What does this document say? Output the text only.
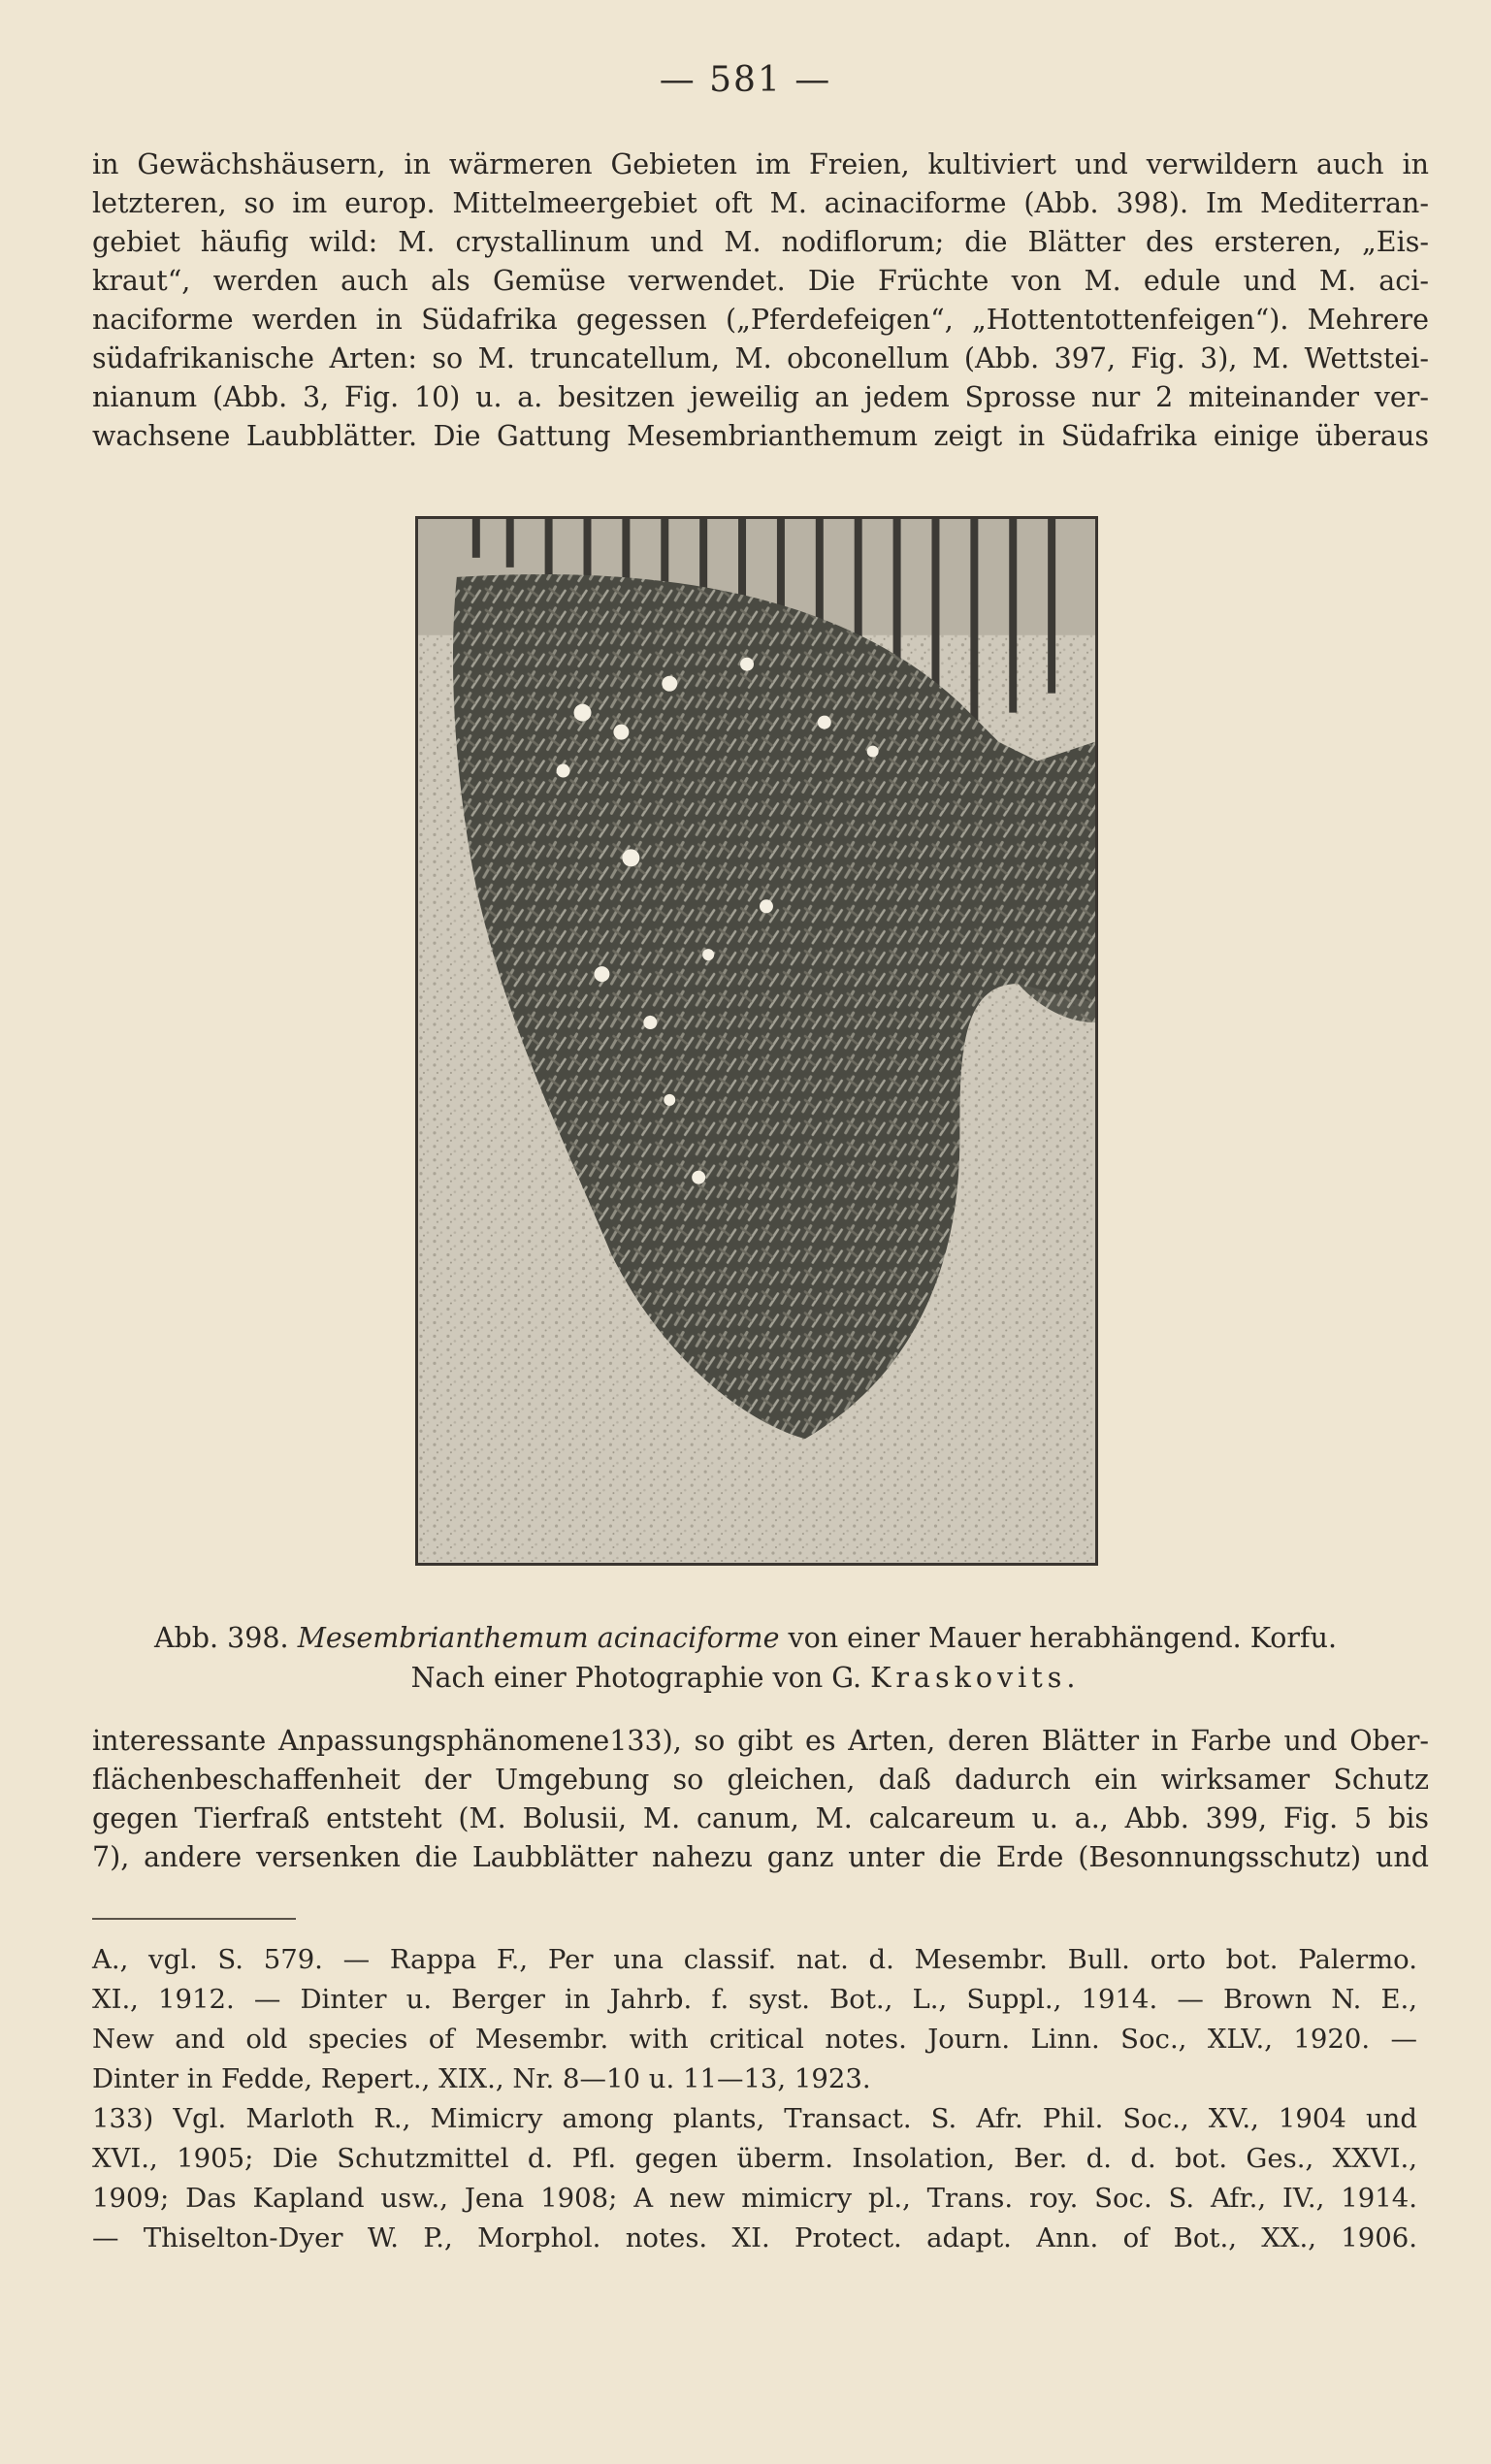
— 581 —
in Gewächshäusern, in wärmeren Gebieten im Freien, kultiviert und verwildern auch in
letzteren, so im europ. Mittelmeergebiet oft M. acinaciforme (Abb. 398). Im Mediterran-
gebiet häufig wild: M. crystallinum und M. nodiflorum; die Blätter des ersteren, „Eis-
kraut“, werden auch als Gemüse verwendet. Die Früchte von M. edule und M. aci-
naciforme werden in Südafrika gegessen („Pferdefeigen“, „Hottentottenfeigen“). Mehrere
südafrikanische Arten: so M. truncatellum, M. obconellum (Abb. 397, Fig. 3), M. Wettstei-
nianum (Abb. 3, Fig. 10) u. a. besitzen jeweilig an jedem Sprosse nur 2 miteinander ver-
wachsene Laubblätter. Die Gattung Mesembrianthemum zeigt in Südafrika einige überaus
Abb. 398. Mesembrianthemum acinaciforme von einer Mauer herabhängend. Korfu.
Nach einer Photographie von G. Kraskovits.
interessante Anpassungsphänomene133), so gibt es Arten, deren Blätter in Farbe und Ober-
flächenbeschaffenheit der Umgebung so gleichen, daß dadurch ein wirksamer Schutz
gegen Tierfraß entsteht (M. Bolusii, M. canum, M. calcareum u. a., Abb. 399, Fig. 5 bis
7), andere versenken die Laubblätter nahezu ganz unter die Erde (Besonnungsschutz) und
A., vgl. S. 579. — Rappa F., Per una classif. nat. d. Mesembr. Bull. orto bot. Palermo.
XI., 1912. — Dinter u. Berger in Jahrb. f. syst. Bot., L., Suppl., 1914. — Brown N. E.,
New and old species of Mesembr. with critical notes. Journ. Linn. Soc., XLV., 1920. —
Dinter in Fedde, Repert., XIX., Nr. 8—10 u. 11—13, 1923.
133) Vgl. Marloth R., Mimicry among plants, Transact. S. Afr. Phil. Soc., XV., 1904 und
XVI., 1905; Die Schutzmittel d. Pfl. gegen überm. Insolation, Ber. d. d. bot. Ges., XXVI.,
1909; Das Kapland usw., Jena 1908; A new mimicry pl., Trans. roy. Soc. S. Afr., IV., 1914.
— Thiselton-Dyer W. P., Morphol. notes. XI. Protect. adapt. Ann. of Bot., XX., 1906.
